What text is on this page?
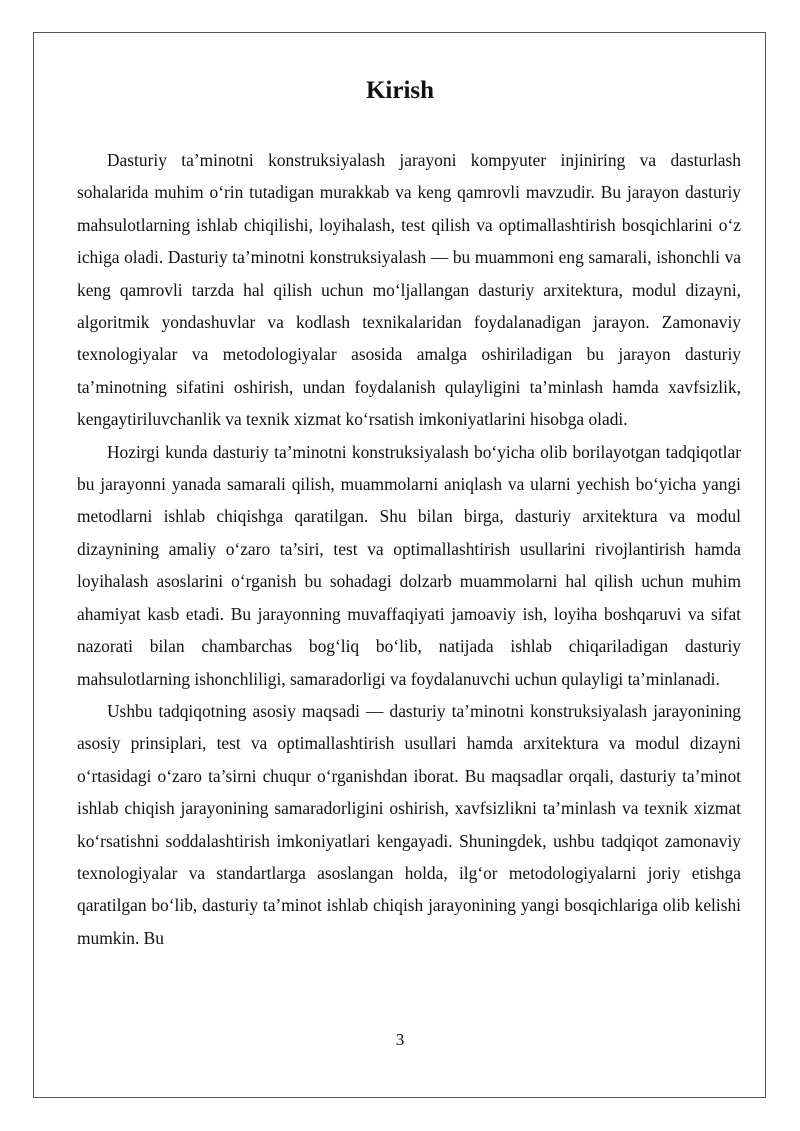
Kirish

Dasturiy ta’minotni konstruksiyalash jarayoni kompyuter injiniring va dasturlash sohalarida muhim o‘rin tutadigan murakkab va keng qamrovli mavzudir. Bu jarayon dasturiy mahsulotlarning ishlab chiqilishi, loyihalash, test qilish va optimallashtirish bosqichlarini o‘z ichiga oladi. Dasturiy ta’minotni konstruksiyalash — bu muammoni eng samarali, ishonchli va keng qamrovli tarzda hal qilish uchun mo‘ljallangan dasturiy arxitektura, modul dizayni, algoritmik yondashuvlar va kodlash texnikalaridan foydalanadigan jarayon. Zamonaviy texnologiyalar va metodologiyalar asosida amalga oshiriladigan bu jarayon dasturiy ta’minotning sifatini oshirish, undan foydalanish qulayligini ta’minlash hamda xavfsizlik, kengaytiriluvchanlik va texnik xizmat ko‘rsatish imkoniyatlarini hisobga oladi.

Hozirgi kunda dasturiy ta’minotni konstruksiyalash bo‘yicha olib borilayotgan tadqiqotlar bu jarayonni yanada samarali qilish, muammolarni aniqlash va ularni yechish bo‘yicha yangi metodlarni ishlab chiqishga qaratilgan. Shu bilan birga, dasturiy arxitektura va modul dizaynining amaliy o‘zaro ta’siri, test va optimallashtirish usullarini rivojlantirish hamda loyihalash asoslarini o‘rganish bu sohadagi dolzarb muammolarni hal qilish uchun muhim ahamiyat kasb etadi. Bu jarayonning muvaffaqiyati jamoaviy ish, loyiha boshqaruvi va sifat nazorati bilan chambarchas bog‘liq bo‘lib, natijada ishlab chiqariladigan dasturiy mahsulotlarning ishonchliligi, samaradorligi va foydalanuvchi uchun qulayligi ta’minlanadi.

Ushbu tadqiqotning asosiy maqsadi — dasturiy ta’minotni konstruksiyalash jarayonining asosiy prinsiplari, test va optimallashtirish usullari hamda arxitektura va modul dizayni o‘rtasidagi o‘zaro ta’sirni chuqur o‘rganishdan iborat. Bu maqsadlar orqali, dasturiy ta’minot ishlab chiqish jarayonining samaradorligini oshirish, xavfsizlikni ta’minlash va texnik xizmat ko‘rsatishni soddalashtirish imkoniyatlari kengayadi. Shuningdek, ushbu tadqiqot zamonaviy texnologiyalar va standartlarga asoslangan holda, ilg‘or metodologiyalarni joriy etishga qaratilgan bo‘lib, dasturiy ta’minot ishlab chiqish jarayonining yangi bosqichlariga olib kelishi mumkin. Bu

3
